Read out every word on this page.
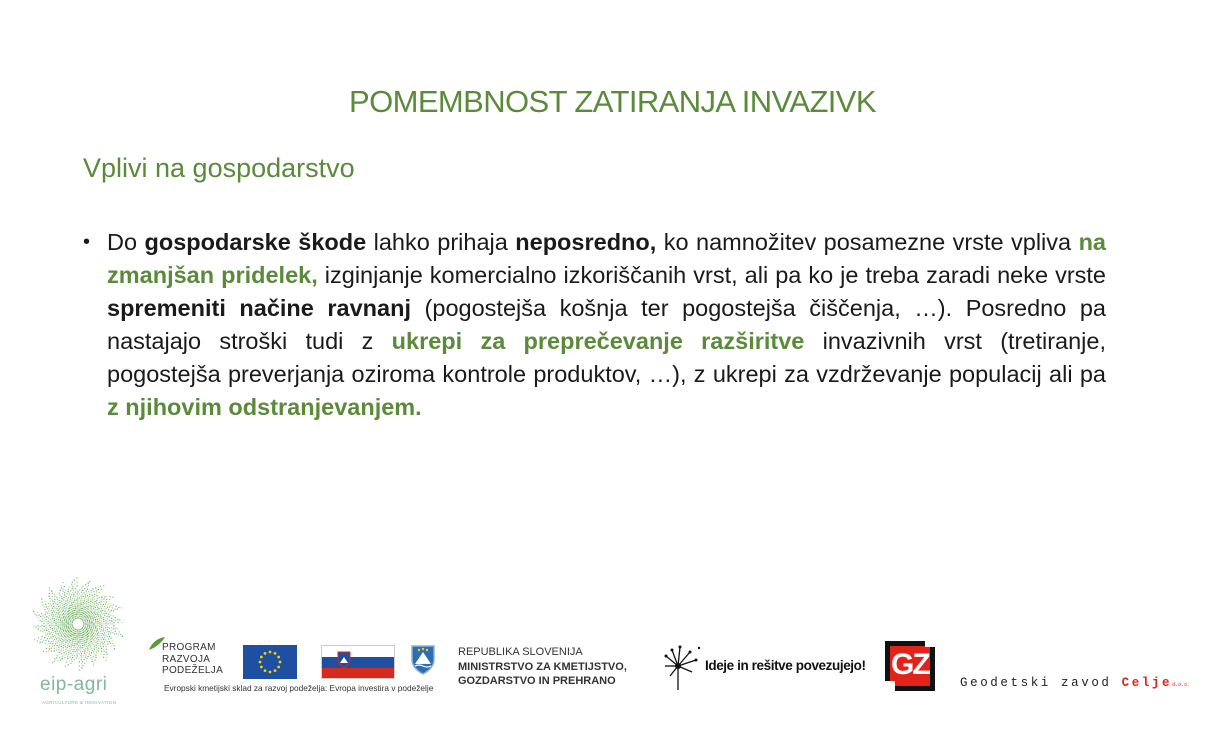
POMEMBNOST ZATIRANJA INVAZIVK
Vplivi na gospodarstvo
• Do gospodarske škode lahko prihaja neposredno, ko namnožitev posamezne vrste vpliva na zmanjšan pridelek, izginjanje komercialno izkoriščanih vrst, ali pa ko je treba zaradi neke vrste spremeniti načine ravnanj (pogostejša košnja ter pogostejša čiščenja, …). Posredno pa nastajajo stroški tudi z ukrepi za preprečevanje razširitve invazivnih vrst (tretiranje, pogostejša preverjanja oziroma kontrole produktov, …), z ukrepi za vzdrževanje populacij ali pa z njihovim odstranjevanjem.
eip-agri
AGRICULTURE & INNOVATION
PROGRAM
RAZVOJA
PODEŽELJA
Evropski kmetijski sklad za razvoj podeželja: Evropa investira v podeželje
REPUBLIKA SLOVENIJA
MINISTRSTVO ZA KMETIJSTVO,
GOZDARSTVO IN PREHRANO
Ideje in rešitve povezujejo! GZ
Geodetski zavod Celjed.o.o.
